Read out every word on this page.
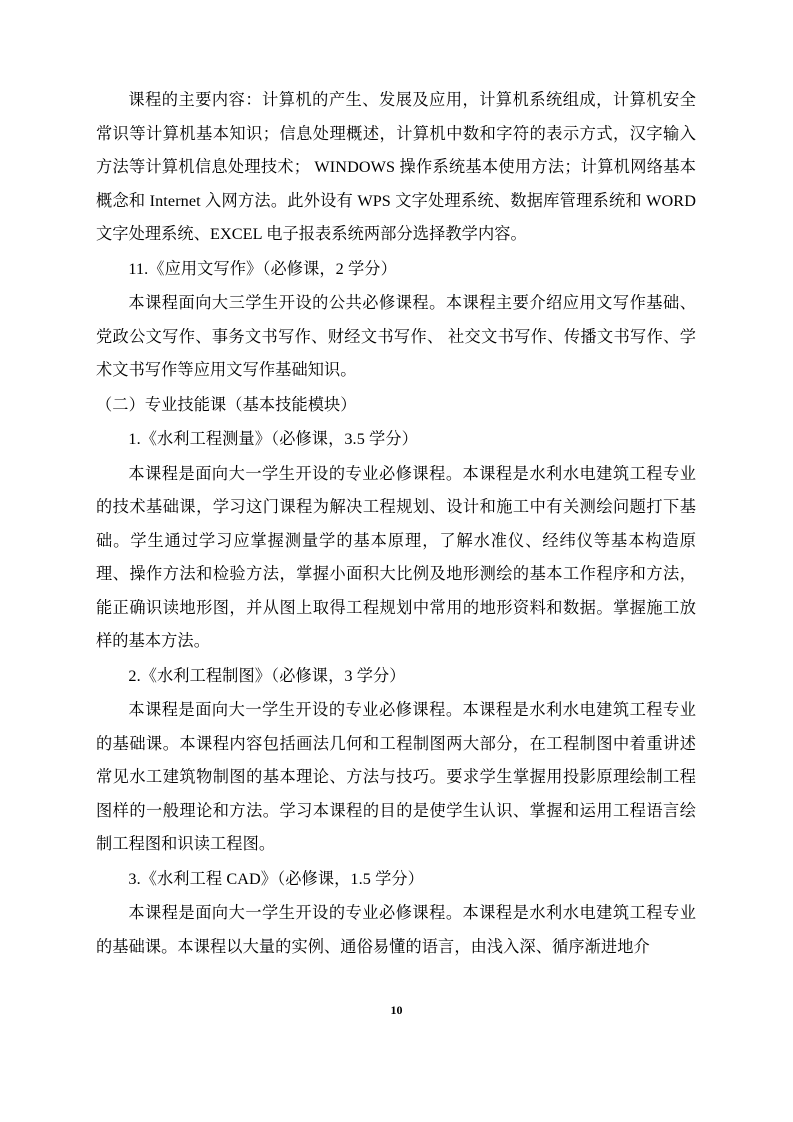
课程的主要内容：计算机的产生、发展及应用，计算机系统组成，计算机安全常识等计算机基本知识；信息处理概述，计算机中数和字符的表示方式，汉字输入方法等计算机信息处理技术； WINDOWS 操作系统基本使用方法；计算机网络基本概念和 Internet 入网方法。此外设有 WPS 文字处理系统、数据库管理系统和 WORD 文字处理系统、EXCEL 电子报表系统两部分选择教学内容。

11.《应用文写作》（必修课，2 学分）

本课程面向大三学生开设的公共必修课程。本课程主要介绍应用文写作基础、党政公文写作、事务文书写作、财经文书写作、 社交文书写作、传播文书写作、学术文书写作等应用文写作基础知识。

（二）专业技能课（基本技能模块）

1.《水利工程测量》（必修课，3.5 学分）

本课程是面向大一学生开设的专业必修课程。本课程是水利水电建筑工程专业的技术基础课，学习这门课程为解决工程规划、设计和施工中有关测绘问题打下基础。学生通过学习应掌握测量学的基本原理，了解水准仪、经纬仪等基本构造原理、操作方法和检验方法，掌握小面积大比例及地形测绘的基本工作程序和方法，能正确识读地形图，并从图上取得工程规划中常用的地形资料和数据。掌握施工放样的基本方法。

2.《水利工程制图》（必修课，3 学分）

本课程是面向大一学生开设的专业必修课程。本课程是水利水电建筑工程专业的基础课。本课程内容包括画法几何和工程制图两大部分，在工程制图中着重讲述常见水工建筑物制图的基本理论、方法与技巧。要求学生掌握用投影原理绘制工程图样的一般理论和方法。学习本课程的目的是使学生认识、掌握和运用工程语言绘制工程图和识读工程图。

3.《水利工程 CAD》（必修课，1.5 学分）

本课程是面向大一学生开设的专业必修课程。本课程是水利水电建筑工程专业的基础课。本课程以大量的实例、通俗易懂的语言，由浅入深、循序渐进地介

10
